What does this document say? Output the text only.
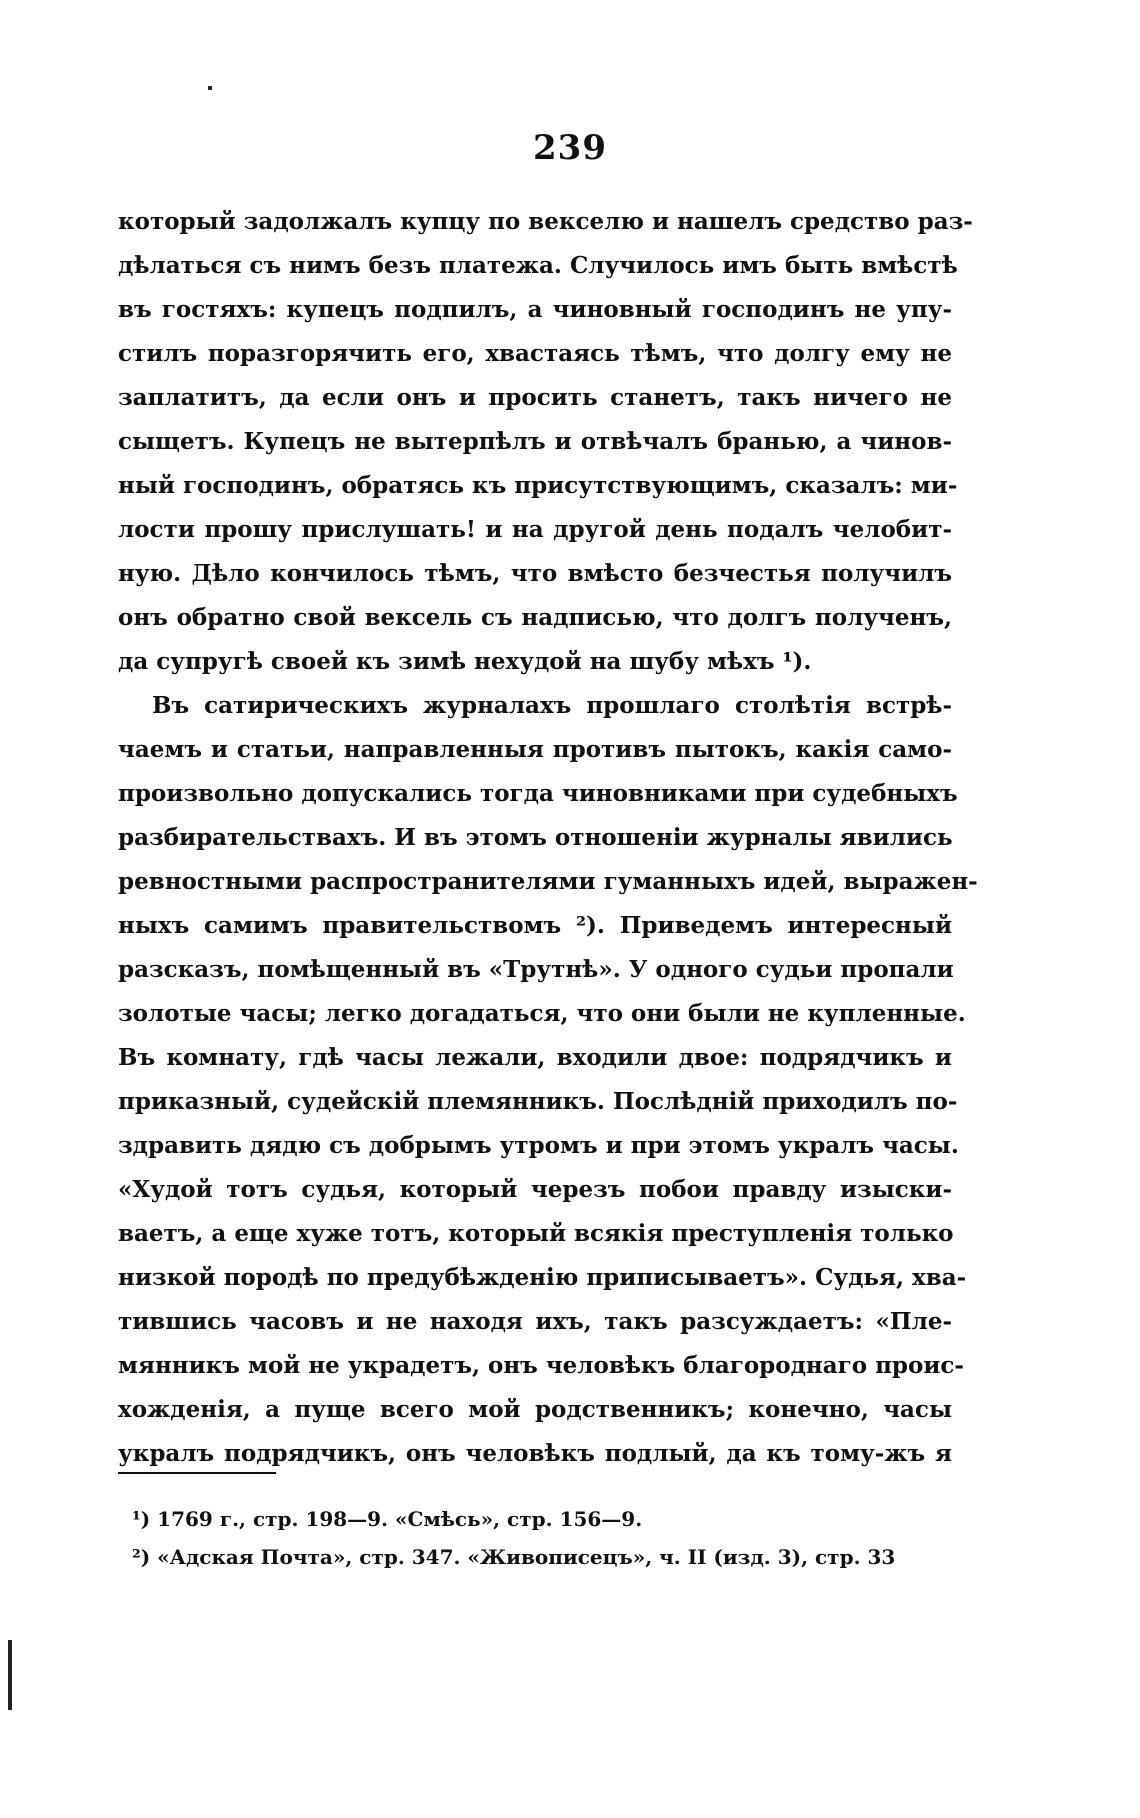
239
который задолжалъ купцу по векселю и нашелъ средство раз-
дѣлаться съ нимъ безъ платежа. Случилось имъ быть вмѣстѣ
въ гостяхъ: купецъ подпилъ, а чиновный господинъ не упу-
стилъ поразгорячить его, хвастаясь тѣмъ, что долгу ему не
заплатитъ, да если онъ и просить станетъ, такъ ничего не
сыщетъ. Купецъ не вытерпѣлъ и отвѣчалъ бранью, а чинов-
ный господинъ, обратясь къ присутствующимъ, сказалъ: ми-
лости прошу прислушать! и на другой день подалъ челобит-
ную. Дѣло кончилось тѣмъ, что вмѣсто безчестья получилъ
онъ обратно свой вексель съ надписью, что долгъ полученъ,
да супругѣ своей къ зимѣ нехудой на шубу мѣхъ ¹).
Въ сатирическихъ журналахъ прошлаго столѣтія встрѣ-
чаемъ и статьи, направленныя противъ пытокъ, какія само-
произвольно допускались тогда чиновниками при судебныхъ
разбирательствахъ. И въ этомъ отношеніи журналы явились
ревностными распространителями гуманныхъ идей, выражен-
ныхъ самимъ правительствомъ ²). Приведемъ интересный
разсказъ, помѣщенный въ «Трутнѣ». У одного судьи пропали
золотые часы; легко догадаться, что они были не купленные.
Въ комнату, гдѣ часы лежали, входили двое: подрядчикъ и
приказный, судейскій племянникъ. Послѣдній приходилъ по-
здравить дядю съ добрымъ утромъ и при этомъ укралъ часы.
«Худой тотъ судья, который черезъ побои правду изыски-
ваетъ, а еще хуже тотъ, который всякія преступленія только
низкой породѣ по предубѣжденію приписываетъ». Судья, хва-
тившись часовъ и не находя ихъ, такъ разсуждаетъ: «Пле-
мянникъ мой не украдетъ, онъ человѣкъ благороднаго проис-
хожденія, а пуще всего мой родственникъ; конечно, часы
укралъ подрядчикъ, онъ человѣкъ подлый, да къ тому-жъ я
¹) 1769 г., стр. 198—9. «Смѣсь», стр. 156—9.
²) «Адская Почта», стр. 347. «Живописецъ», ч. II (изд. 3), стр. 33
